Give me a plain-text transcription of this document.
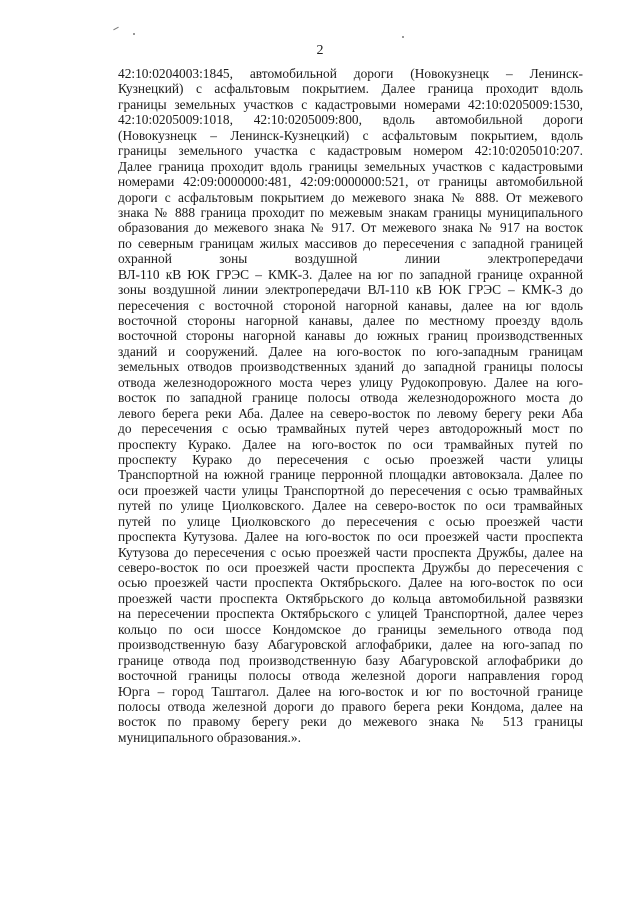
2
42:10:0204003:1845, автомобильной дороги (Новокузнецк – Ленинск-
Кузнецкий) с асфальтовым покрытием. Далее граница проходит вдоль
границы земельных участков с кадастровыми номерами 42:10:0205009:1530,
42:10:0205009:1018, 42:10:0205009:800, вдоль автомобильной дороги
(Новокузнецк – Ленинск-Кузнецкий) с асфальтовым покрытием, вдоль
границы земельного участка с кадастровым номером 42:10:0205010:207.
Далее граница проходит вдоль границы земельных участков с кадастровыми
номерами 42:09:0000000:481, 42:09:0000000:521, от границы автомобильной
дороги с асфальтовым покрытием до межевого знака № 888. От межевого
знака № 888 граница проходит по межевым знакам границы муниципального
образования до межевого знака № 917. От межевого знака № 917 на восток
по северным границам жилых массивов до пересечения с западной границей
охранной зоны воздушной линии электропередачи
ВЛ-110 кВ ЮК ГРЭС – КМК-3. Далее на юг по западной границе охранной
зоны воздушной линии электропередачи ВЛ-110 кВ ЮК ГРЭС – КМК-3 до
пересечения с восточной стороной нагорной канавы, далее на юг вдоль
восточной стороны нагорной канавы, далее по местному проезду вдоль
восточной стороны нагорной канавы до южных границ производственных
зданий и сооружений. Далее на юго-восток по юго-западным границам
земельных отводов производственных зданий до западной границы полосы
отвода железнодорожного моста через улицу Рудокопровую. Далее на юго-
восток по западной границе полосы отвода железнодорожного моста до
левого берега реки Аба. Далее на северо-восток по левому берегу реки Аба
до пересечения с осью трамвайных путей через автодорожный мост по
проспекту Курако. Далее на юго-восток по оси трамвайных путей по
проспекту Курако до пересечения с осью проезжей части улицы
Транспортной на южной границе перронной площадки автовокзала. Далее по
оси проезжей части улицы Транспортной до пересечения с осью трамвайных
путей по улице Циолковского. Далее на северо-восток по оси трамвайных
путей по улице Циолковского до пересечения с осью проезжей части
проспекта Кутузова. Далее на юго-восток по оси проезжей части проспекта
Кутузова до пересечения с осью проезжей части проспекта Дружбы, далее на
северо-восток по оси проезжей части проспекта Дружбы до пересечения с
осью проезжей части проспекта Октябрьского. Далее на юго-восток по оси
проезжей части проспекта Октябрьского до кольца автомобильной развязки
на пересечении проспекта Октябрьского с улицей Транспортной, далее через
кольцо по оси шоссе Кондомское до границы земельного отвода под
производственную базу Абагуровской аглофабрики, далее на юго-запад по
границе отвода под производственную базу Абагуровской аглофабрики до
восточной границы полосы отвода железной дороги направления город
Юрга – город Таштагол. Далее на юго-восток и юг по восточной границе
полосы отвода железной дороги до правого берега реки Кондома, далее на
восток по правому берегу реки до межевого знака № 513 границы
муниципального образования.».
